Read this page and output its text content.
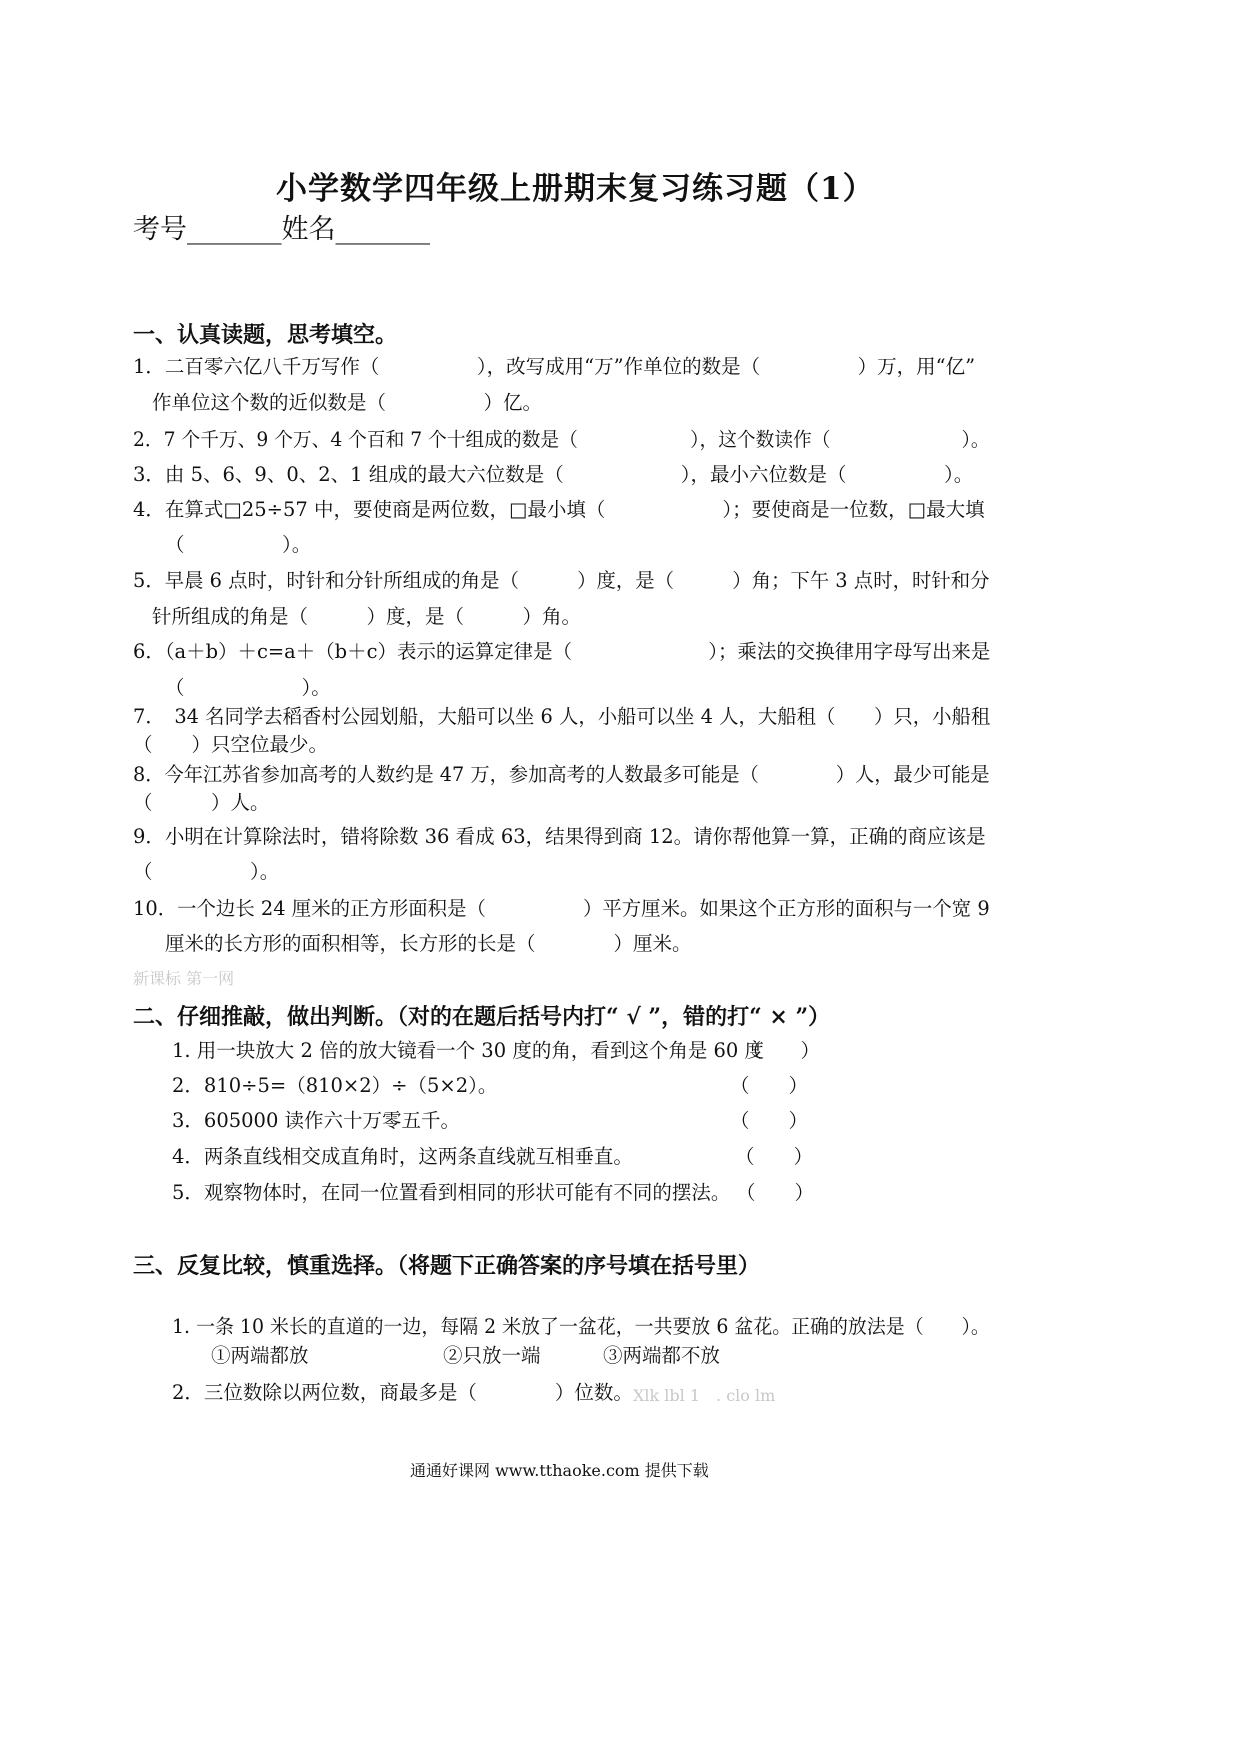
小学数学四年级上册期末复习练习题（1）
考号_______姓名_______
一、认真读题，思考填空。
1．二百零六亿八千万写作（　　　　　），改写成用“万”作单位的数是（　　　　　）万，用“亿”
作单位这个数的近似数是（　　　　　）亿。
2．7 个千万、9 个万、4 个百和 7 个十组成的数是（　　　　　　），这个数读作（　　　　　　　）。
3．由 5、6、9、0、2、1 组成的最大六位数是（　　　　　　），最小六位数是（　　　　　）。
4．在算式□25÷57 中，要使商是两位数，□最小填（　　　　　　）；要使商是一位数，□最大填
（　　　　　）。
5．早晨 6 点时，时针和分针所组成的角是（　　　）度，是（　　　）角；下午 3 点时，时针和分
针所组成的角是（　　　）度，是（　　　）角。
6．（a＋b）＋c=a＋（b＋c）表示的运算定律是（　　　　　　　）；乘法的交换律用字母写出来是
（　　　　　　）。
7．　34 名同学去稻香村公园划船，大船可以坐 6 人，小船可以坐 4 人，大船租（　　）只，小船租
（　　）只空位最少。
8．今年江苏省参加高考的人数约是 47 万，参加高考的人数最多可能是（　　　　）人，最少可能是
（　　　）人。
9．小明在计算除法时，错将除数 36 看成 63，结果得到商 12。请你帮他算一算，正确的商应该是
（　　　　　）。
10．一个边长 24 厘米的正方形面积是（　　　　　）平方厘米。如果这个正方形的面积与一个宽 9
厘米的长方形的面积相等，长方形的长是（　　　　）厘米。
新课标 第一网
二、仔细推敲，做出判断。（对的在题后括号内打“ √ ”，错的打“ × ”）
1. 用一块放大 2 倍的放大镜看一个 30 度的角，看到这个角是 60 度
（　　）
2．810÷5=（810×2）÷（5×2）。	（　　）
3．605000 读作六十万零五千。	（　　）
4．两条直线相交成直角时，这两条直线就互相垂直。	（　　）
5．观察物体时，在同一位置看到相同的形状可能有不同的摆法。 （　　）
三、反复比较，慎重选择。（将题下正确答案的序号填在括号里）
1. 一条 10 米长的直道的一边，每隔 2 米放了一盆花，一共要放 6 盆花。正确的放法是（　　）。
①两端都放	②只放一端	③两端都不放
2．三位数除以两位数，商最多是（　　　　）位数。 Xlk lbl 1　. clo lm
通通好课网 www.tthaoke.com 提供下载
